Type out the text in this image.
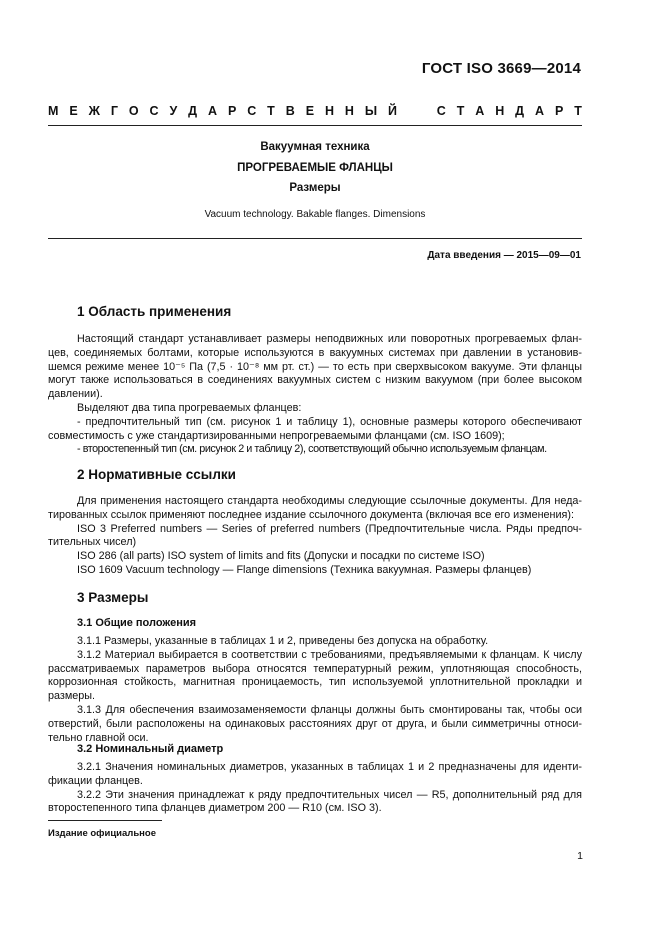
ГОСТ ISO 3669—2014
М Е Ж Г О С У Д А Р С Т В Е Н Н Ы Й

	С Т А Н Д А Р Т
Вакуумная техника
ПРОГРЕВАЕМЫЕ ФЛАНЦЫ
Размеры
Vacuum technology. Bakable flanges. Dimensions
Дата введения — 2015—09—01
1 Область применения

Настоящий стандарт устанавливает размеры неподвижных или поворотных прогреваемых флан-цев, соединяемых болтами, которые используются в вакуумных системах при давлении в установив-шемся режиме менее 10⁻⁵ Па (7,5 · 10⁻⁸ мм рт. ст.) — то есть при сверхвысоком вакууме. Эти фланцы могут также использоваться в соединениях вакуумных систем с низким вакуумом (при более высоком давлении).

Выделяют два типа прогреваемых фланцев:

- предпочтительный тип (см. рисунок 1 и таблицу 1), основные размеры которого обеспечивают совместимость с уже стандартизированными непрогреваемыми фланцами (см. ISO 1609);

- второстепенный тип (см. рисунок 2 и таблицу 2), соответствующий обычно используемым фланцам.

2 Нормативные ссылки

Для применения настоящего стандарта необходимы следующие ссылочные документы. Для неда-тированных ссылок применяют последнее издание ссылочного документа (включая все его изменения):

ISO 3 Preferred numbers — Series of preferred numbers (Предпочтительные числа. Ряды предпоч-тительных чисел)

ISO 286 (all parts) ISO system of limits and fits (Допуски и посадки по системе ISO)

ISO 1609 Vacuum technology — Flange dimensions (Техника вакуумная. Размеры фланцев)

3 Размеры
3.1 Общие положения

3.1.1 Размеры, указанные в таблицах 1 и 2, приведены без допуска на обработку.

3.1.2 Материал выбирается в соответствии с требованиями, предъявляемыми к фланцам. К числу рассматриваемых параметров выбора относятся температурный режим, уплотняющая способность, коррозионная стойкость, магнитная проницаемость, тип используемой уплотнительной прокладки и размеры.

3.1.3 Для обеспечения взаимозаменяемости фланцы должны быть смонтированы так, чтобы оси отверстий, были расположены на одинаковых расстояниях друг от друга, и были симметричны относи-тельно главной оси.

3.2 Номинальный диаметр

3.2.1 Значения номинальных диаметров, указанных в таблицах 1 и 2 предназначены для иденти-фикации фланцев.

3.2.2 Эти значения принадлежат к ряду предпочтительных чисел — R5, дополнительный ряд для второстепенного типа фланцев диаметром 200 — R10 (см. ISO 3).

Издание официальное
1
